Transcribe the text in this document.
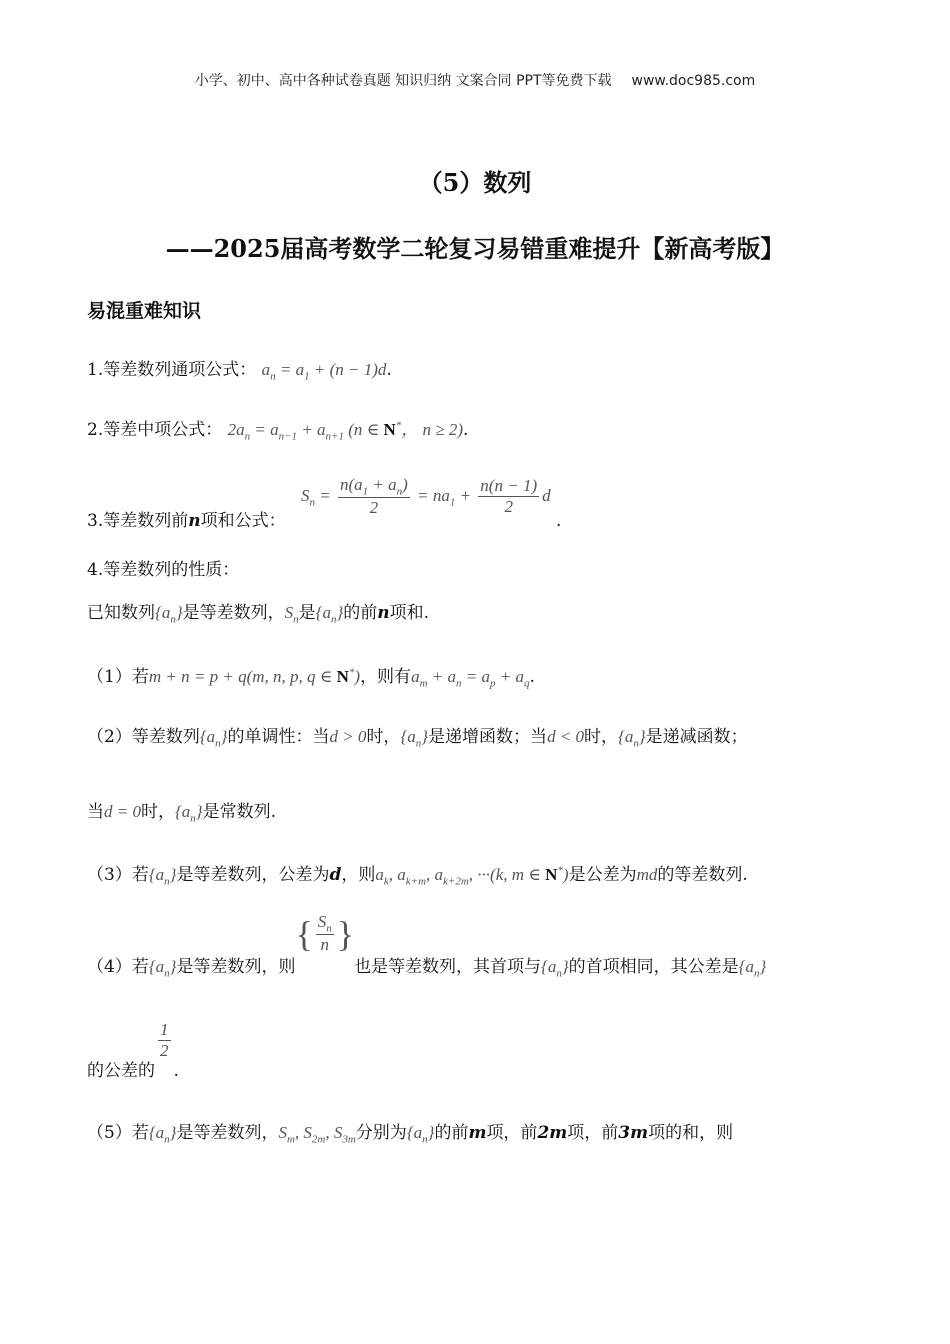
小学、初中、高中各种试卷真题 知识归纳 文案合同 PPT等免费下载 www.doc985.com
（5）数列
——2025届高考数学二轮复习易错重难提升【新高考版】
易混重难知识
1.等差数列通项公式： $a_n = a_1 + (n - 1)d$.
2.等差中项公式： $2a_n = a_{n-1} + a_{n+1}$ (n ∈ N*， n ≥ 2).
3.等差数列前n项和公式： $S_n = \frac{n(a_1 + a_n)}{2} = na_1 + \frac{n(n - 1)}{2}$ d .
4.等差数列的性质：
已知数列$\{a_n\}$是等差数列，$S_n$是$\{a_n\}$的前n项和.
（1）若m + n = p + q(m, n, p, q ∈ N*)，则有$a_m + a_n = a_p + a_q$.
（2）等差数列$\{a_n\}$的单调性：当d > 0时，$\{a_n\}$是递增函数；当d < 0时，$\{a_n\}$是递减函数；
当d = 0时，$\{a_n\}$是常数列.
（3）若$\{a_n\}$是等差数列，公差为d，则$a_k$, $a_{k+m}$, $a_{k+2m}$, ···(k, m ∈ N*)是公差为md的等差数列.
（4）若$\{a_n\}$是等差数列，则{ $\frac{S_n}{n}$ }也是等差数列，其首项与$\{a_n\}$的首项相同，其公差是$\{a_n\}$
的公差的
$\frac{1}{2}$
.
（5）若$\{a_n\}$是等差数列，$S_m$, $S_{2m}$, $S_{3m}$分别为$\{a_n\}$的前m项，前2m项，前3m项的和，则
